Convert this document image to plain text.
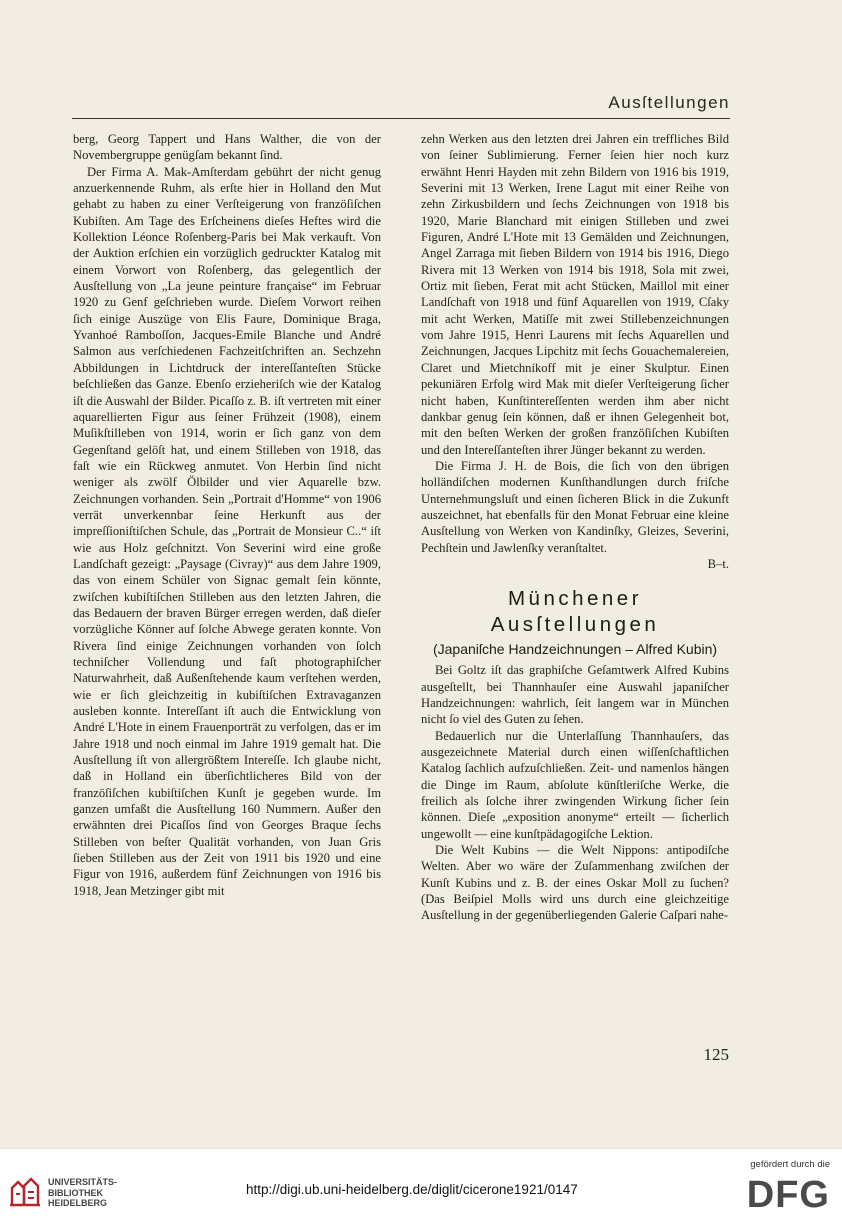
Ausſtellungen

berg, Georg Tappert und Hans Walther, die von der Novembergruppe genügſam bekannt ſind.

Der Firma A. Mak-Amſterdam gebührt der nicht genug anzuerkennende Ruhm, als erſte hier in Holland den Mut gehabt zu haben zu einer Verſteigerung von franzöſiſchen Kubiſten. Am Tage des Erſcheinens dieſes Heftes wird die Kollektion Léonce Roſenberg-Paris bei Mak verkauft. Von der Auktion erſchien ein vorzüglich gedruckter Katalog mit einem Vorwort von Roſenberg, das gelegentlich der Ausſtellung von „La jeune peinture française“ im Februar 1920 zu Genf geſchrieben wurde. Dieſem Vorwort reihen ſich einige Auszüge von Elis Faure, Dominique Braga, Yvanhoé Ramboſſon, Jacques-Emile Blanche und André Salmon aus verſchiedenen Fachzeitſchriften an. Sechzehn Abbildungen in Lichtdruck der intereſſanteſten Stücke beſchließen das Ganze. Ebenſo erzieheriſch wie der Katalog iſt die Auswahl der Bilder. Picaſſo z. B. iſt vertreten mit einer aquarellierten Figur aus ſeiner Frühzeit (1908), einem Muſikſtilleben von 1914, worin er ſich ganz von dem Gegenſtand gelöſt hat, und einem Stilleben von 1918, das faſt wie ein Rückweg anmutet. Von Herbin ſind nicht weniger als zwölf Ölbilder und vier Aquarelle bzw. Zeichnungen vorhanden. Sein „Portrait d'Homme“ von 1906 verrät unverkennbar ſeine Herkunft aus der impreſſioniſtiſchen Schule, das „Portrait de Monsieur C..“ iſt wie aus Holz geſchnitzt. Von Severini wird eine große Landſchaft gezeigt: „Paysage (Civray)“ aus dem Jahre 1909, das von einem Schüler von Signac gemalt ſein könnte, zwiſchen kubiſtiſchen Stilleben aus den letzten Jahren, die das Bedauern der braven Bürger erregen werden, daß dieſer vorzügliche Könner auf ſolche Abwege geraten konnte. Von Rivera ſind einige Zeichnungen vorhanden von ſolch techniſcher Vollendung und faſt photographiſcher Naturwahrheit, daß Außenſtehende kaum verſtehen werden, wie er ſich gleichzeitig in kubiſtiſchen Extravaganzen ausleben konnte. Intereſſant iſt auch die Entwicklung von André L'Hote in einem Frauenporträt zu verfolgen, das er im Jahre 1918 und noch einmal im Jahre 1919 gemalt hat. Die Ausſtellung iſt von allergrößtem Intereſſe. Ich glaube nicht, daß in Holland ein überſichtlicheres Bild von der franzöſiſchen kubiſtiſchen Kunſt je gegeben wurde. Im ganzen umfaßt die Ausſtellung 160 Nummern. Außer den erwähnten drei Picaſſos ſind von Georges Braque ſechs Stilleben von beſter Qualität vorhanden, von Juan Gris ſieben Stilleben aus der Zeit von 1911 bis 1920 und eine Figur von 1916, außerdem fünf Zeichnungen von 1916 bis 1918, Jean Metzinger gibt mit

zehn Werken aus den letzten drei Jahren ein treffliches Bild von ſeiner Sublimierung. Ferner ſeien hier noch kurz erwähnt Henri Hayden mit zehn Bildern von 1916 bis 1919, Severini mit 13 Werken, Irene Lagut mit einer Reihe von zehn Zirkusbildern und ſechs Zeichnungen von 1918 bis 1920, Marie Blanchard mit einigen Stilleben und zwei Figuren, André L'Hote mit 13 Gemälden und Zeichnungen, Angel Zarraga mit ſieben Bildern von 1914 bis 1916, Diego Rivera mit 13 Werken von 1914 bis 1918, Sola mit zwei, Ortiz mit ſieben, Ferat mit acht Stücken, Maillol mit einer Landſchaft von 1918 und fünf Aquarellen von 1919, Cſaky mit acht Werken, Matiſſe mit zwei Stillebenzeichnungen vom Jahre 1915, Henri Laurens mit ſechs Aquarellen und Zeichnungen, Jacques Lipchitz mit ſechs Gouachemalereien, Claret und Mietchnikoff mit je einer Skulptur. Einen pekuniären Erfolg wird Mak mit dieſer Verſteigerung ſicher nicht haben, Kunſtintereſſenten werden ihm aber nicht dankbar genug ſein können, daß er ihnen Gelegenheit bot, mit den beſten Werken der großen franzöſiſchen Kubiſten und den Intereſſanteſten ihrer Jünger bekannt zu werden.

Die Firma J. H. de Bois, die ſich von den übrigen holländiſchen modernen Kunſthandlungen durch friſche Unternehmungsluſt und einen ſicheren Blick in die Zukunft auszeichnet, hat ebenfalls für den Monat Februar eine kleine Ausſtellung von Werken von Kandinſky, Gleizes, Severini, Pechſtein und Jawlenſky veranſtaltet.

B–t.

Münchener Ausſtellungen
(Japaniſche Handzeichnungen – Alfred Kubin)

Bei Goltz iſt das graphiſche Geſamtwerk Alfred Kubins ausgeſtellt, bei Thannhauſer eine Auswahl japaniſcher Handzeichnungen: wahrlich, ſeit langem war in München nicht ſo viel des Guten zu ſehen.

Bedauerlich nur die Unterlaſſung Thannhauſers, das ausgezeichnete Material durch einen wiſſenſchaftlichen Katalog ſachlich aufzuſchließen. Zeit- und namenlos hängen die Dinge im Raum, abſolute künſtleriſche Werke, die freilich als ſolche ihrer zwingenden Wirkung ſicher ſein können. Dieſe „exposition anonyme“ erteilt — ſicherlich ungewollt — eine kunſtpädagogiſche Lektion.

Die Welt Kubins — die Welt Nippons: antipodiſche Welten. Aber wo wäre der Zuſammenhang zwiſchen der Kunſt Kubins und z. B. der eines Oskar Moll zu ſuchen? (Das Beiſpiel Molls wird uns durch eine gleichzeitige Ausſtellung in der gegenüberliegenden Galerie Caſpari nahe-

125
UNIVERSITÄTS-
BIBLIOTHEK
HEIDELBERG
http://digi.ub.uni-heidelberg.de/diglit/cicerone1921/0147
gefördert durch die
DFG
